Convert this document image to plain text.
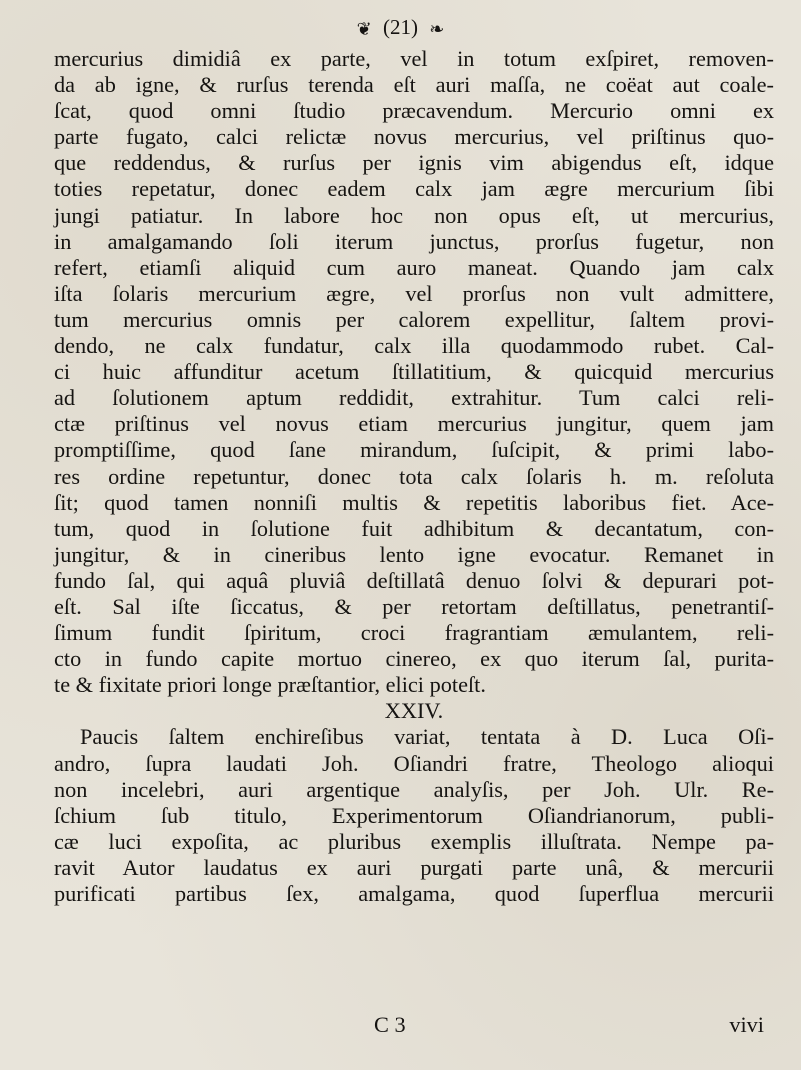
❦ (21) ❧
mercurius dimidiâ ex parte, vel in totum exſpiret, removen-
da ab igne, & rurſus terenda eſt auri maſſa, ne coëat aut coale-
ſcat, quod omni ſtudio præcavendum. Mercurio omni ex
parte fugato, calci relictæ novus mercurius, vel priſtinus quo-
que reddendus, & rurſus per ignis vim abigendus eſt, idque
toties repetatur, donec eadem calx jam ægre mercurium ſibi
jungi patiatur. In labore hoc non opus eſt, ut mercurius,
in amalgamando ſoli iterum junctus, prorſus fugetur, non
refert, etiamſi aliquid cum auro maneat. Quando jam calx
iſta ſolaris mercurium ægre, vel prorſus non vult admittere,
tum mercurius omnis per calorem expellitur, ſaltem provi-
dendo, ne calx fundatur, calx illa quodammodo rubet. Cal-
ci huic affunditur acetum ſtillatitium, & quicquid mercurius
ad ſolutionem aptum reddidit, extrahitur. Tum calci reli-
ctæ priſtinus vel novus etiam mercurius jungitur, quem jam
promptiſſime, quod ſane mirandum, ſuſcipit, & primi labo-
res ordine repetuntur, donec tota calx ſolaris h. m. reſoluta
ſit; quod tamen nonniſi multis & repetitis laboribus fiet. Ace-
tum, quod in ſolutione fuit adhibitum & decantatum, con-
jungitur, & in cineribus lento igne evocatur. Remanet in
fundo ſal, qui aquâ pluviâ deſtillatâ denuo ſolvi & depurari pot-
eſt. Sal iſte ſiccatus, & per retortam deſtillatus, penetrantiſ-
ſimum fundit ſpiritum, croci fragrantiam æmulantem, reli-
cto in fundo capite mortuo cinereo, ex quo iterum ſal, purita-
te & fixitate priori longe præſtantior, elici poteſt.
XXIV.
Paucis ſaltem enchireſibus variat, tentata à D. Luca Oſi-
andro, ſupra laudati Joh. Oſiandri fratre, Theologo alioqui
non incelebri, auri argentique analyſis, per Joh. Ulr. Re-
ſchium ſub titulo, Experimentorum Oſiandrianorum, publi-
cæ luci expoſita, ac pluribus exemplis illuſtrata. Nempe pa-
ravit Autor laudatus ex auri purgati parte unâ, & mercurii
purificati partibus ſex, amalgama, quod ſuperflua mercurii
C 3	vivi
